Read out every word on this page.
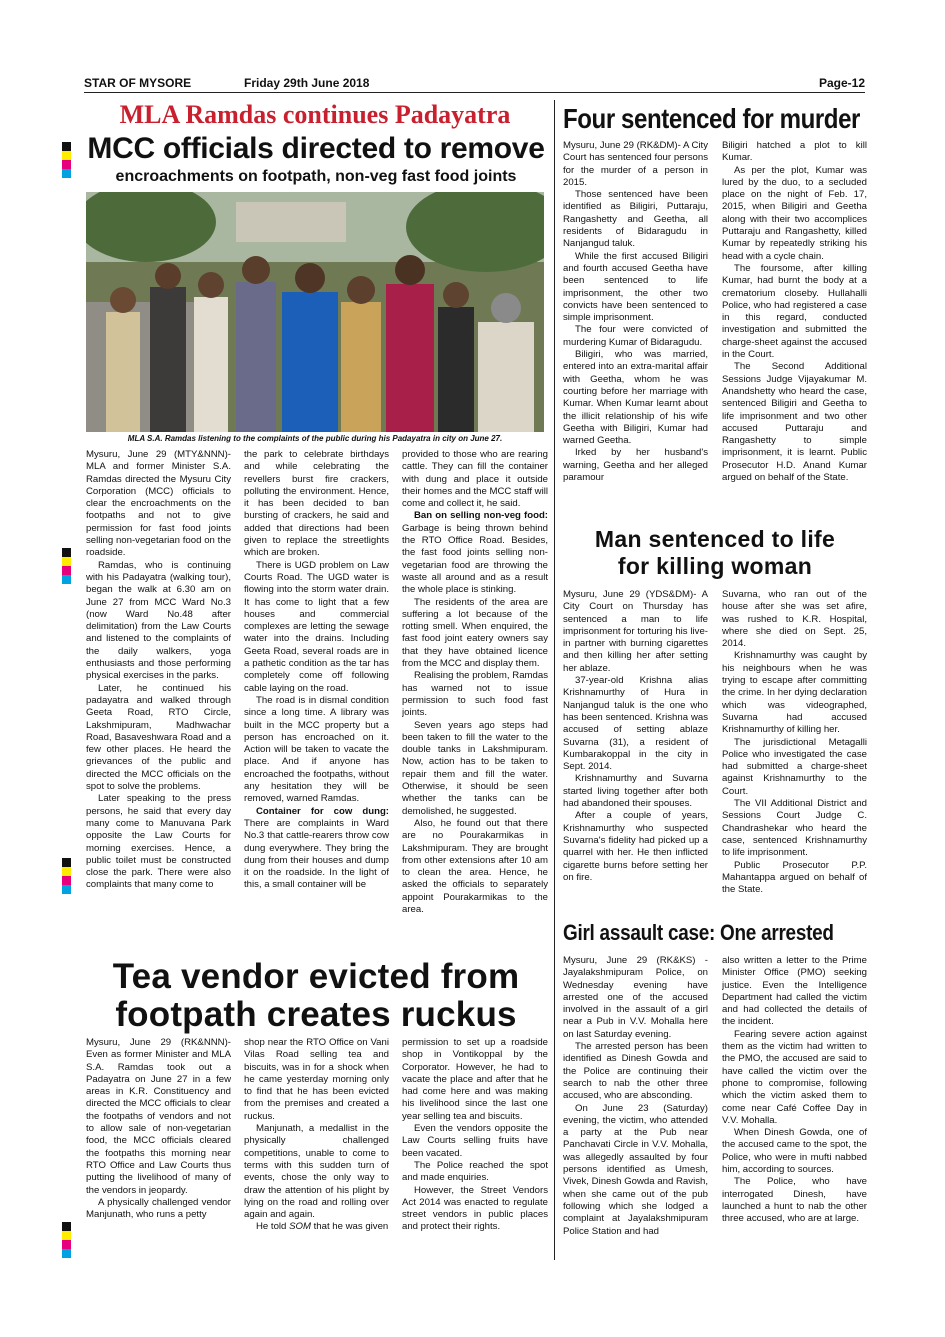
STAR OF MYSORE	Friday 29th June 2018	Page-12
MLA Ramdas continues Padayatra
MCC officials directed to remove
encroachments on footpath, non-veg fast food joints
MLA S.A. Ramdas listening to the complaints of the public during his Padayatra in city on June 27.

Mysuru, June 29 (MTY&NNN)- MLA and former Minister S.A. Ramdas directed the Mysuru City Corporation (MCC) officials to clear the encroachments on the footpaths and not to give permission for fast food joints selling non-vegetarian food on the roadside.

Ramdas, who is continuing with his Padayatra (walking tour), began the walk at 6.30 am on June 27 from MCC Ward No.3 (now Ward No.48 after delimitation) from the Law Courts and listened to the complaints of the daily walkers, yoga enthusiasts and those performing physical exercises in the parks.

Later, he continued his padayatra and walked through Geeta Road, RTO Circle, Lakshmipuram, Madhwachar Road, Basaveshwara Road and a few other places. He heard the grievances of the public and directed the MCC officials on the spot to solve the problems.

Later speaking to the press persons, he said that every day many come to Manuvana Park opposite the Law Courts for morning exercises. Hence, a public toilet must be constructed close the park. There were also complaints that many come to

the park to celebrate birthdays and while celebrating the revellers burst fire crackers, polluting the environment. Hence, it has been decided to ban bursting of crackers, he said and added that directions had been given to replace the streetlights which are broken.

There is UGD problem on Law Courts Road. The UGD water is flowing into the storm water drain. It has come to light that a few houses and commercial complexes are letting the sewage water into the drains. Including Geeta Road, several roads are in a pathetic condition as the tar has completely come off following cable laying on the road.

The road is in dismal condition since a long time. A library was built in the MCC property but a person has encroached on it. Action will be taken to vacate the place. And if anyone has encroached the footpaths, without any hesitation they will be removed, warned Ramdas.

Container for cow dung: There are complaints in Ward No.3 that cattle-rearers throw cow dung everywhere. They bring the dung from their houses and dump it on the roadside. In the light of this, a small container will be

provided to those who are rearing cattle. They can fill the container with dung and place it outside their homes and the MCC staff will come and collect it, he said.

Ban on selling non-veg food: Garbage is being thrown behind the RTO Office Road. Besides, the fast food joints selling non-vegetarian food are throwing the waste all around and as a result the whole place is stinking.

The residents of the area are suffering a lot because of the rotting smell. When enquired, the fast food joint eatery owners say that they have obtained licence from the MCC and display them.

Realising the problem, Ramdas has warned not to issue permission to such food fast joints.

Seven years ago steps had been taken to fill the water to the double tanks in Lakshmipuram. Now, action has to be taken to repair them and fill the water. Otherwise, it should be seen whether the tanks can be demolished, he suggested.

Also, he found out that there are no Pourakarmikas in Lakshmipuram. They are brought from other extensions after 10 am to clean the area. Hence, he asked the officials to separately appoint Pourakarmikas to the area.

Four sentenced for murder

Mysuru, June 29 (RK&DM)- A City Court has sentenced four persons for the murder of a person in 2015.

Those sentenced have been identified as Biligiri, Puttaraju, Rangashetty and Geetha, all residents of Bidaragudu in Nanjangud taluk.

While the first accused Biligiri and fourth accused Geetha have been sentenced to life imprisonment, the other two convicts have been sentenced to simple imprisonment.

The four were convicted of murdering Kumar of Bidaragudu.

Biligiri, who was married, entered into an extra-marital affair with Geetha, whom he was courting before her marriage with Kumar. When Kumar learnt about the illicit relationship of his wife Geetha with Biligiri, Kumar had warned Geetha.

Irked by her husband's warning, Geetha and her alleged paramour

Biligiri hatched a plot to kill Kumar.

As per the plot, Kumar was lured by the duo, to a secluded place on the night of Feb. 17, 2015, when Biligiri and Geetha along with their two accomplices Puttaraju and Rangashetty, killed Kumar by repeatedly striking his head with a cycle chain.

The foursome, after killing Kumar, had burnt the body at a crematorium closeby. Hullahalli Police, who had registered a case in this regard, conducted investigation and submitted the charge-sheet against the accused in the Court.

The Second Additional Sessions Judge Vijayakumar M. Anandshetty who heard the case, sentenced Biligiri and Geetha to life imprisonment and two other accused Puttaraju and Rangashetty to simple imprisonment, it is learnt. Public Prosecutor H.D. Anand Kumar argued on behalf of the State.

Man sentenced to life
for killing woman

Mysuru, June 29 (YDS&DM)- A City Court on Thursday has sentenced a man to life imprisonment for torturing his live-in partner with burning cigarettes and then killing her after setting her ablaze.

37-year-old Krishna alias Krishnamurthy of Hura in Nanjangud taluk is the one who has been sentenced. Krishna was accused of setting ablaze Suvarna (31), a resident of Kumbarakoppal in the city in Sept. 2014.

Krishnamurthy and Suvarna started living together after both had abandoned their spouses.

After a couple of years, Krishnamurthy who suspected Suvarna's fidelity had picked up a quarrel with her. He then inflicted cigarette burns before setting her on fire.

Suvarna, who ran out of the house after she was set afire, was rushed to K.R. Hospital, where she died on Sept. 25, 2014.

Krishnamurthy was caught by his neighbours when he was trying to escape after committing the crime. In her dying declaration which was videographed, Suvarna had accused Krishnamurthy of killing her.

The jurisdictional Metagalli Police who investigated the case had submitted a charge-sheet against Krishnamurthy to the Court.

The VII Additional District and Sessions Court Judge C. Chandrashekar who heard the case, sentenced Krishnamurthy to life imprisonment.

Public Prosecutor P.P. Mahantappa argued on behalf of the State.

Girl assault case: One arrested

Mysuru, June 29 (RK&KS) - Jayalakshmipuram Police, on Wednesday evening have arrested one of the accused involved in the assault of a girl near a Pub in V.V. Mohalla here on last Saturday evening.

The arrested person has been identified as Dinesh Gowda and the Police are continuing their search to nab the other three accused, who are absconding.

On June 23 (Saturday) evening, the victim, who attended a party at the Pub near Panchavati Circle in V.V. Mohalla, was allegedly assaulted by four persons identified as Umesh, Vivek, Dinesh Gowda and Ravish, when she came out of the pub following which she lodged a complaint at Jayalakshmipuram Police Station and had

also written a letter to the Prime Minister Office (PMO) seeking justice. Even the Intelligence Department had called the victim and had collected the details of the incident.

Fearing severe action against them as the victim had written to the PMO, the accused are said to have called the victim over the phone to compromise, following which the victim asked them to come near Café Coffee Day in V.V. Mohalla.

When Dinesh Gowda, one of the accused came to the spot, the Police, who were in mufti nabbed him, according to sources.

The Police, who have interrogated Dinesh, have launched a hunt to nab the other three accused, who are at large.

Tea vendor evicted from
footpath creates ruckus

Mysuru, June 29 (RK&NNN)- Even as former Minister and MLA S.A. Ramdas took out a Padayatra on June 27 in a few areas in K.R. Constituency and directed the MCC officials to clear the footpaths of vendors and not to allow sale of non-vegetarian food, the MCC officials cleared the footpaths this morning near RTO Office and Law Courts thus putting the livelihood of many of the vendors in jeopardy.

A physically challenged vendor Manjunath, who runs a petty

shop near the RTO Office on Vani Vilas Road selling tea and biscuits, was in for a shock when he came yesterday morning only to find that he has been evicted from the premises and created a ruckus.

Manjunath, a medallist in the physically challenged competitions, unable to come to terms with this sudden turn of events, chose the only way to draw the attention of his plight by lying on the road and rolling over again and again.

He told SOM that he was given

permission to set up a roadside shop in Vontikoppal by the Corporator. However, he had to vacate the place and after that he had come here and was making his livelihood since the last one year selling tea and biscuits.

Even the vendors opposite the Law Courts selling fruits have been vacated.

The Police reached the spot and made enquiries.

However, the Street Vendors Act 2014 was enacted to regulate street vendors in public places and protect their rights.
